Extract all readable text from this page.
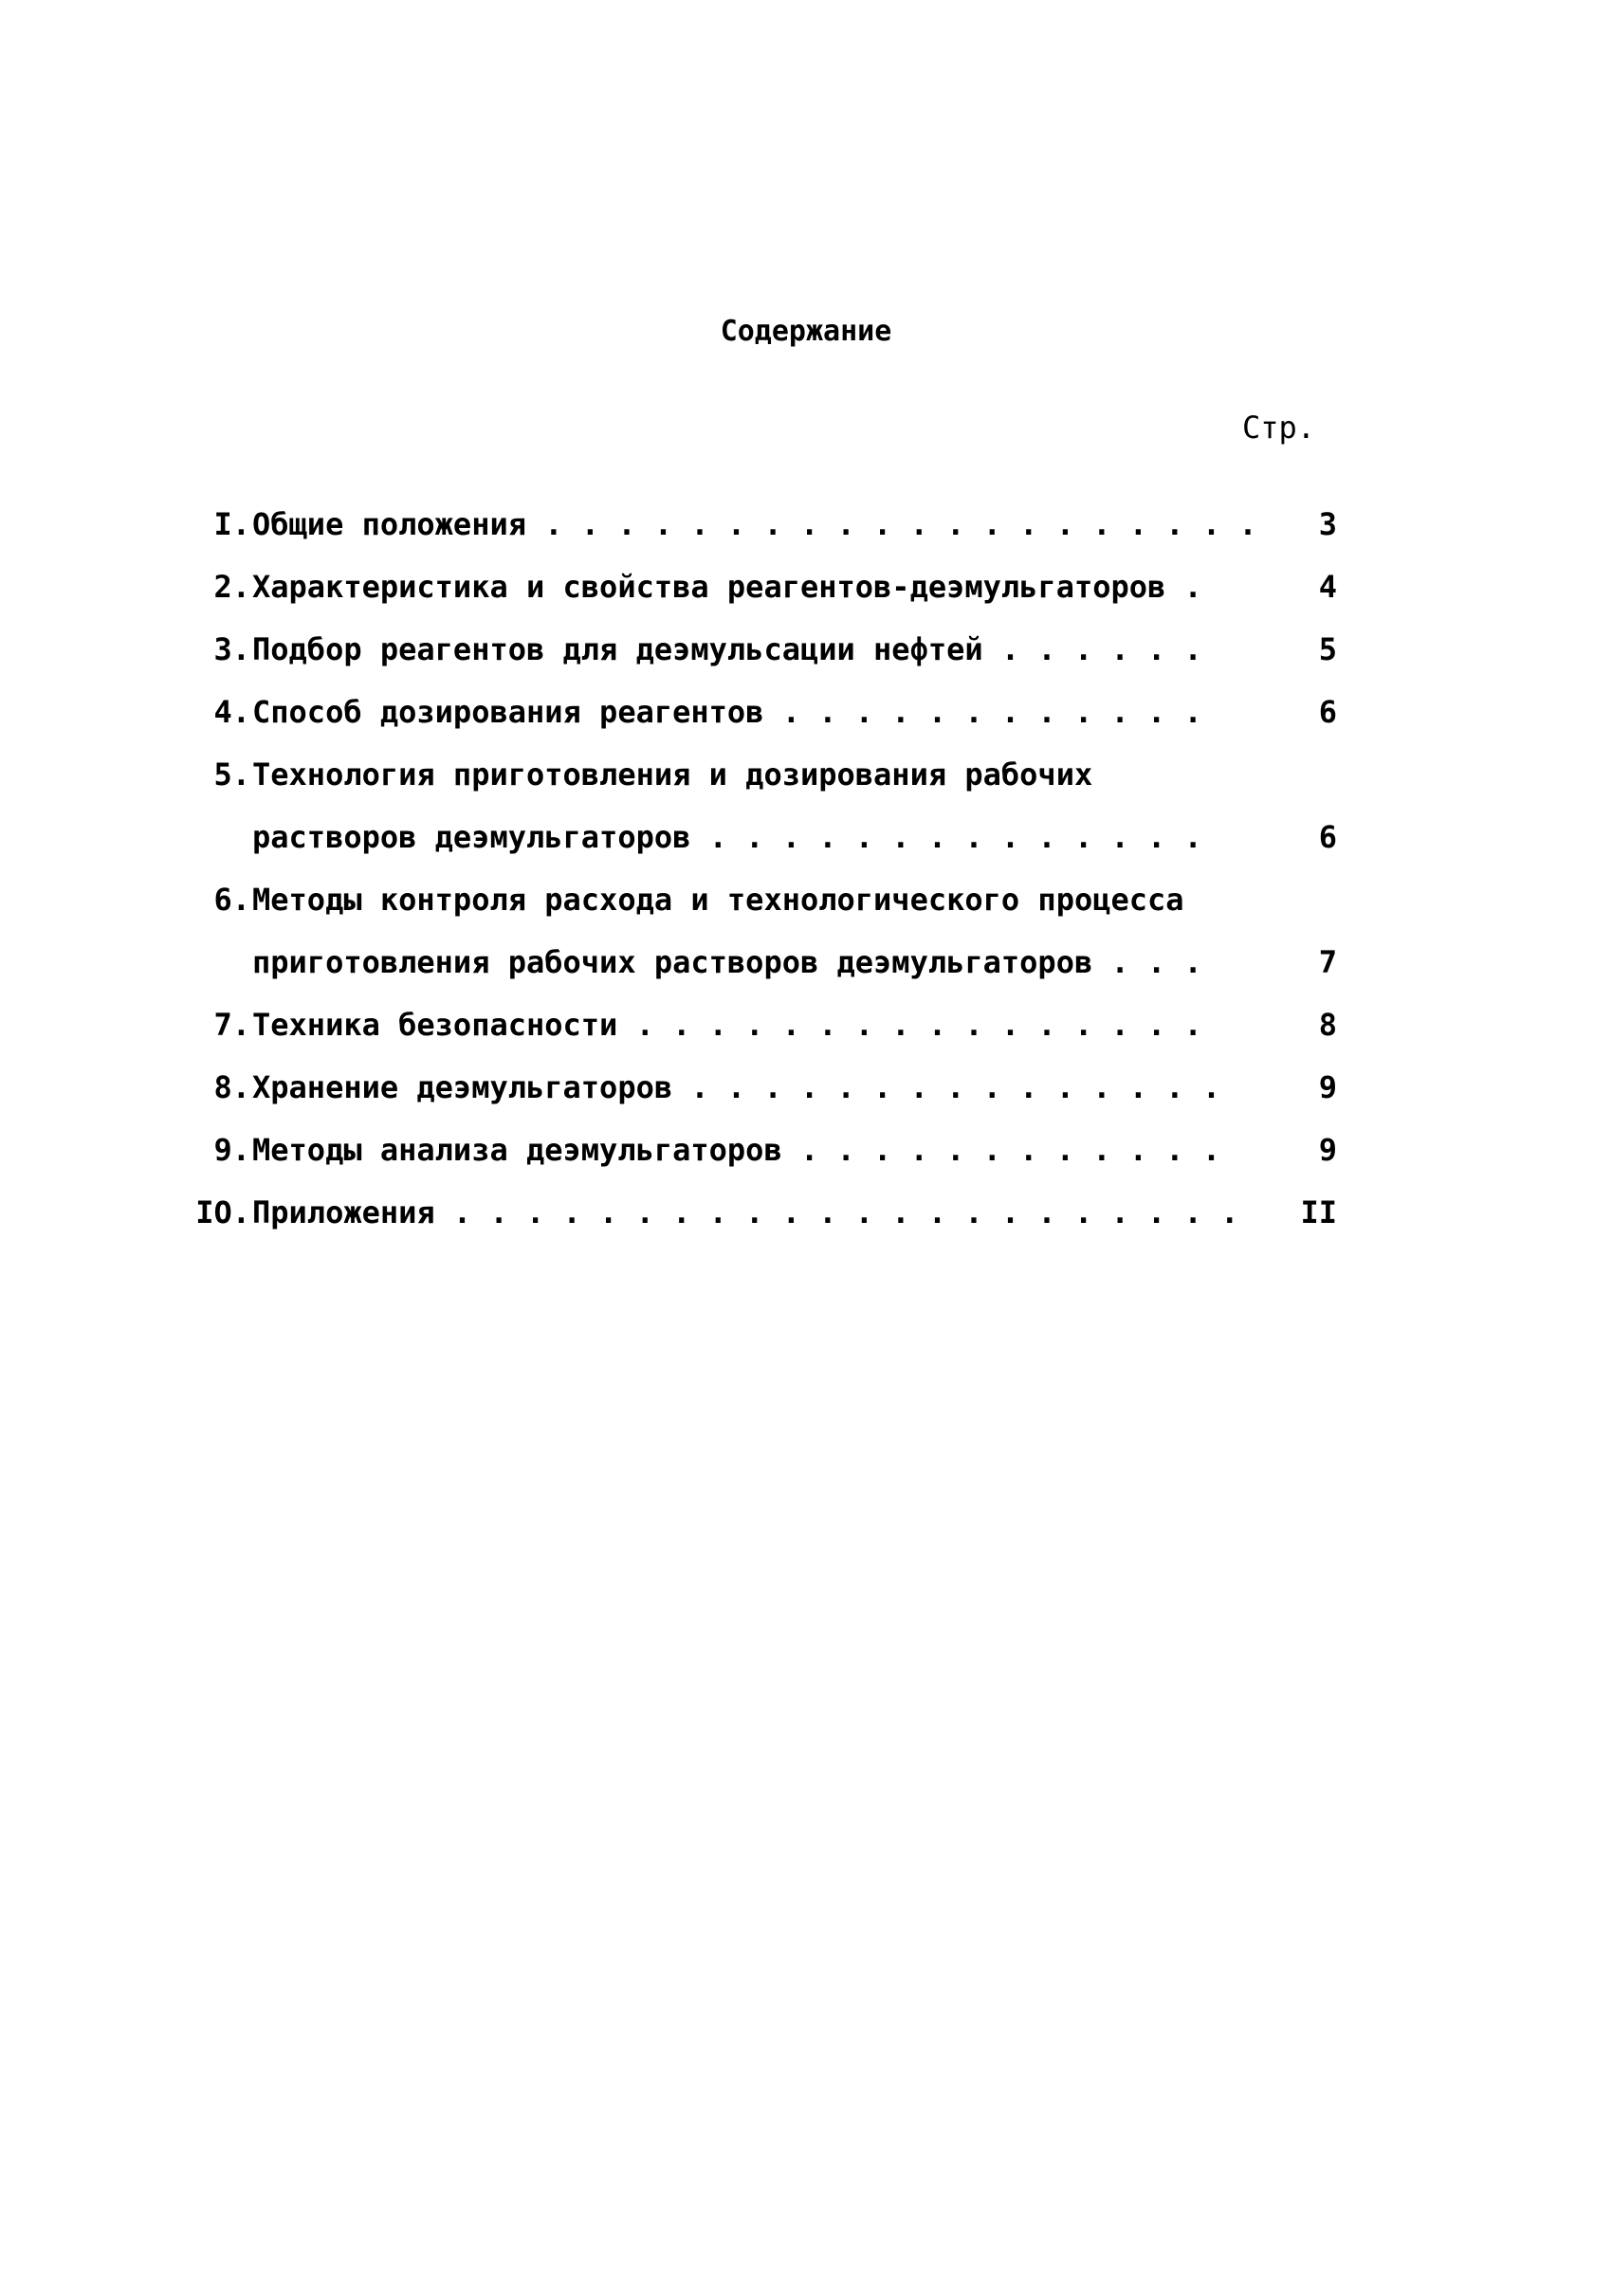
Содержание
Стр.
I. Общие положения . . . . . . . . . . . . . . . . . . . .	3
2. Характеристика и свойства реагентов-деэмульгаторов .	4
3. Подбор реагентов для деэмульсации нефтей . . . . . .	5
4. Способ дозирования реагентов . . . . . . . . . . . .	6
5. Технология приготовления и дозирования рабочих
растворов деэмульгаторов . . . . . . . . . . . . . .	6
6. Методы контроля расхода и технологического процесса
приготовления рабочих растворов деэмульгаторов . . .	7
7. Техника безопасности . . . . . . . . . . . . . . . .	8
8. Хранение деэмульгаторов . . . . . . . . . . . . . . .	9
9. Методы анализа деэмульгаторов . . . . . . . . . . . .	9
IO. Приложения . . . . . . . . . . . . . . . . . . . . . .	II
